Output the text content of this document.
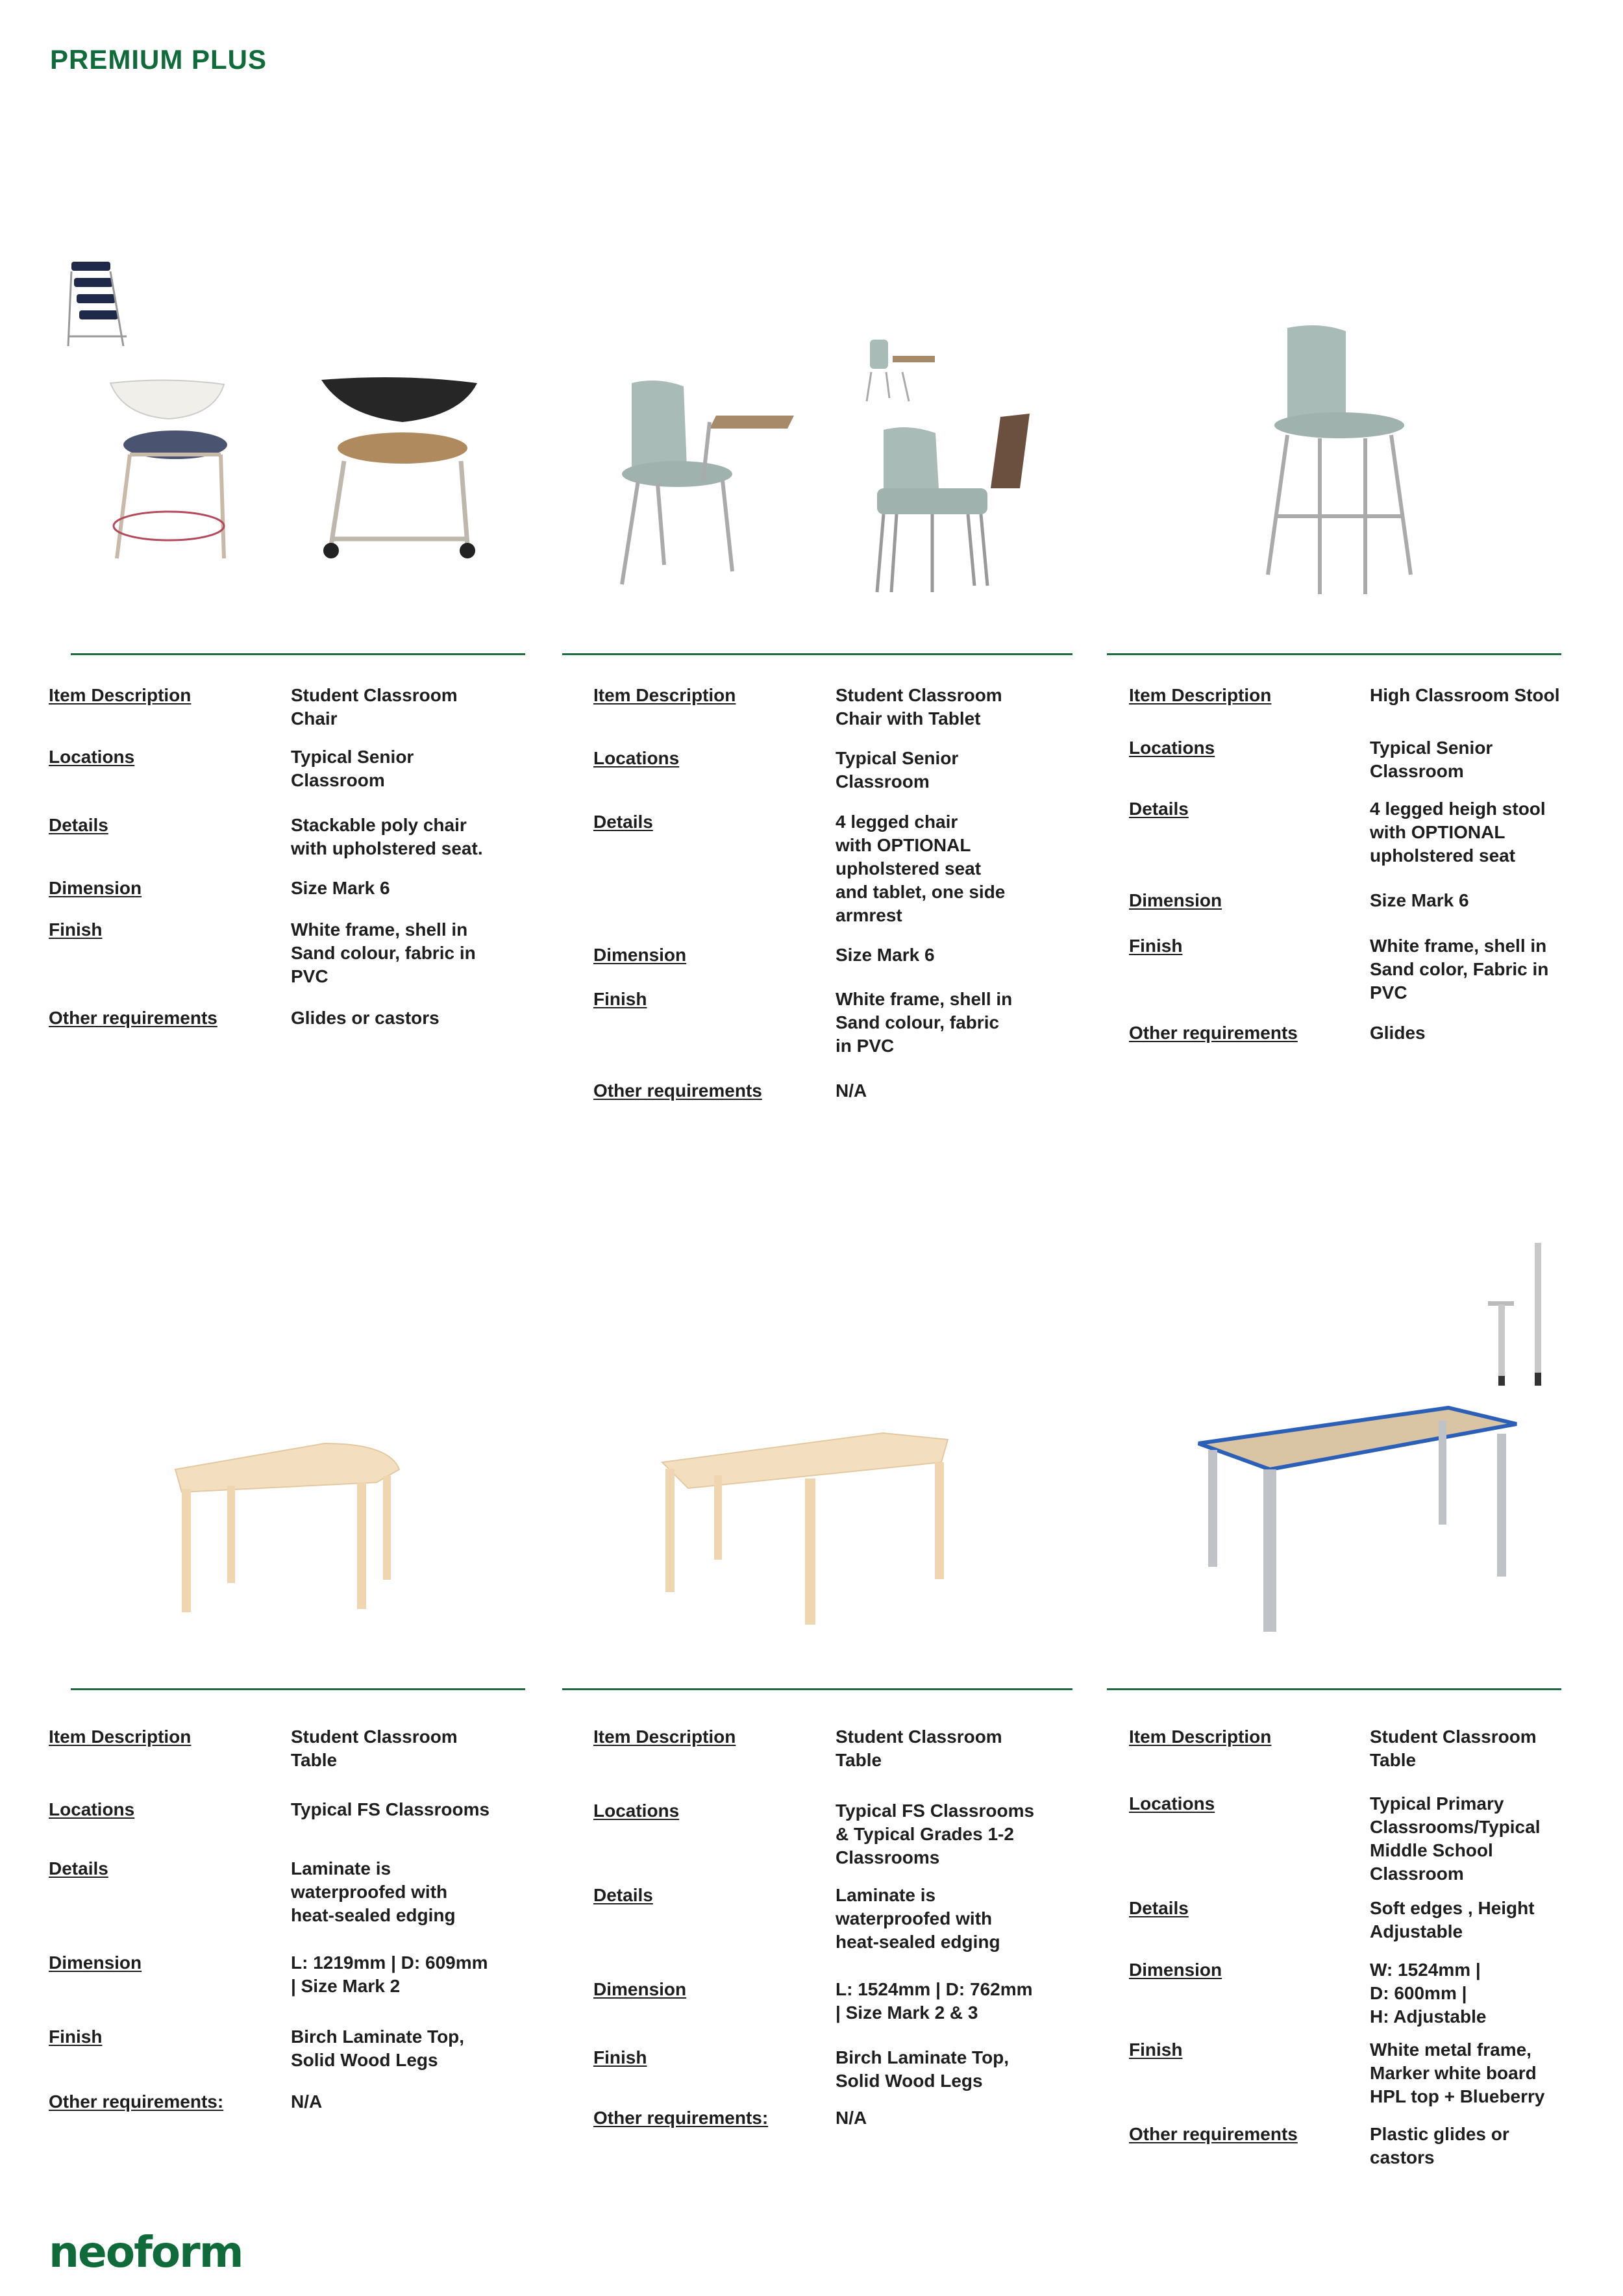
PREMIUM PLUS
Item Description	Student Classroom
Chair
Locations	Typical Senior
Classroom
Details	Stackable poly chair
with upholstered seat.
Dimension	Size Mark 6
Finish	White frame, shell in
Sand colour, fabric in
PVC
Other requirements	Glides or castors
Item Description	Student Classroom
Chair with Tablet
Locations	Typical Senior
Classroom
Details	4 legged chair
with OPTIONAL
upholstered seat
and tablet, one side
armrest
Dimension	Size Mark 6
Finish	White frame, shell in
Sand colour, fabric
in PVC
Other requirements	N/A
Item Description	High Classroom Stool
Locations	Typical Senior
Classroom
Details	4 legged heigh stool
with OPTIONAL
upholstered seat
Dimension	Size Mark 6
Finish	White frame, shell in
Sand color, Fabric in
PVC
Other requirements	Glides
Item Description	Student Classroom
Table
Locations	Typical FS Classrooms
Details	Laminate is
waterproofed with
heat-sealed edging
Dimension	L: 1219mm | D: 609mm
| Size Mark 2
Finish	Birch Laminate Top,
Solid Wood Legs
Other requirements:	N/A
Item Description	Student Classroom
Table
Locations	Typical FS Classrooms
& Typical Grades 1-2
Classrooms
Details	Laminate is
waterproofed with
heat-sealed edging
Dimension	L: 1524mm | D: 762mm
| Size Mark 2 & 3
Finish	Birch Laminate Top,
Solid Wood Legs
Other requirements:	N/A
Item Description	Student Classroom
Table
Locations	Typical Primary
Classrooms/Typical
Middle School
Classroom
Details	Soft edges , Height
Adjustable
Dimension	W: 1524mm |
D: 600mm |
H: Adjustable
Finish	White metal frame,
Marker white board
HPL top + Blueberry
Other requirements	Plastic glides or
castors
neoform
